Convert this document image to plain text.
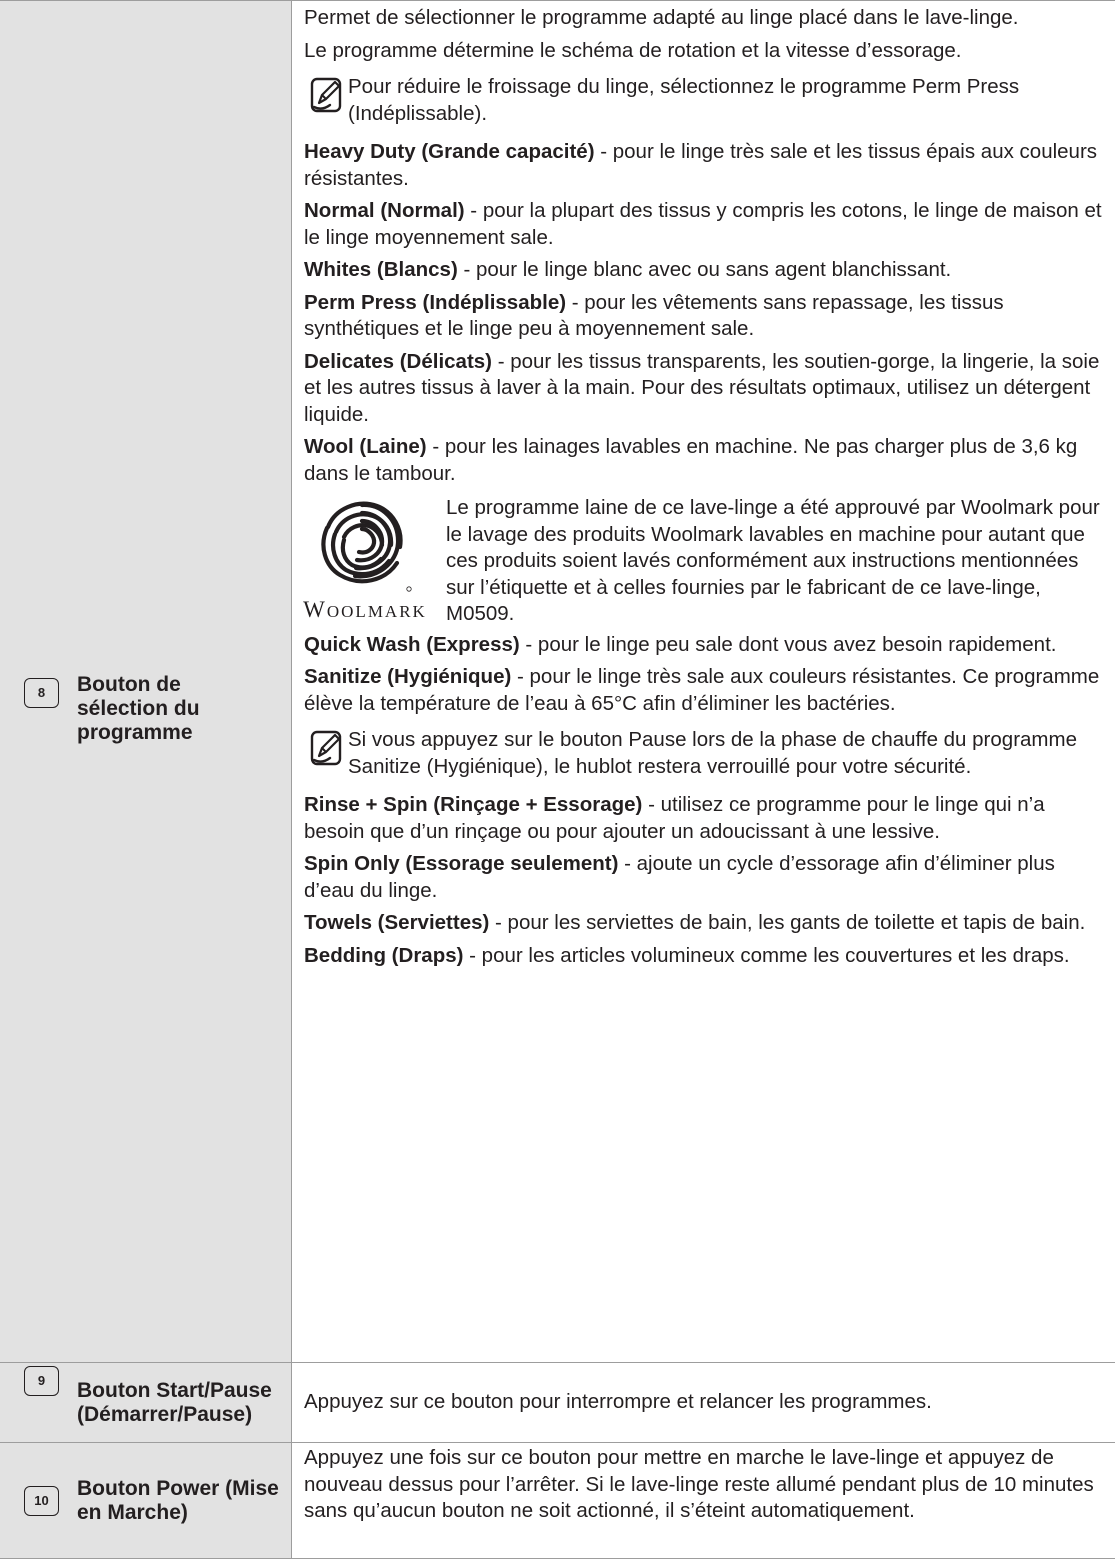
8	Bouton de sélection du programme

Permet de sélectionner le programme adapté au linge placé dans le lave-linge.

Le programme détermine le schéma de rotation et la vitesse d’essorage.

Pour réduire le froissage du linge, sélectionnez le programme Perm Press (Indéplissable).

Heavy Duty (Grande capacité) - pour le linge très sale et les tissus épais aux couleurs résistantes.

Normal (Normal) - pour la plupart des tissus y compris les cotons, le linge de maison et le linge moyennement sale.

Whites (Blancs) - pour le linge blanc avec ou sans agent blanchissant.

Perm Press (Indéplissable) - pour les vêtements sans repassage, les tissus synthétiques et le linge peu à moyennement sale.

Delicates (Délicats) - pour les tissus transparents, les soutien-gorge, la lingerie, la soie et les autres tissus à laver à la main. Pour des résultats optimaux, utilisez un détergent liquide.

Wool (Laine) - pour les lainages lavables en machine. Ne pas charger plus de 3,6 kg dans le tambour.

WOOLMARK

Le programme laine de ce lave-linge a été approuvé par Woolmark pour le lavage des produits Woolmark lavables en machine pour autant que ces produits soient lavés conformément aux instructions mentionnées sur l’étiquette et à celles fournies par le fabricant de ce lave-linge, M0509.

Quick Wash (Express) - pour le linge peu sale dont vous avez besoin rapidement.

Sanitize (Hygiénique) - pour le linge très sale aux couleurs résistantes. Ce programme élève la température de l’eau à 65°C afin d’éliminer les bactéries.

Si vous appuyez sur le bouton Pause lors de la phase de chauffe du programme Sanitize (Hygiénique), le hublot restera verrouillé pour votre sécurité.

Rinse + Spin (Rinçage + Essorage) - utilisez ce programme pour le linge qui n’a besoin que d’un rinçage ou pour ajouter un adoucissant à une lessive.

Spin Only (Essorage seulement) - ajoute un cycle d’essorage afin d’éliminer plus d’eau du linge.

Towels (Serviettes) - pour les serviettes de bain, les gants de toilette et tapis de bain.

Bedding (Draps) - pour les articles volumineux comme les couvertures et les draps.

9	Bouton Start/Pause (Démarrer/Pause)

Appuyez sur ce bouton pour interrompre et relancer les programmes.

10
Bouton Power (Mise en Marche)

Appuyez une fois sur ce bouton pour mettre en marche le lave-linge et appuyez de nouveau dessus pour l’arrêter. Si le lave-linge reste allumé pendant plus de 10 minutes sans qu’aucun bouton ne soit actionné, il s’éteint automatiquement.
